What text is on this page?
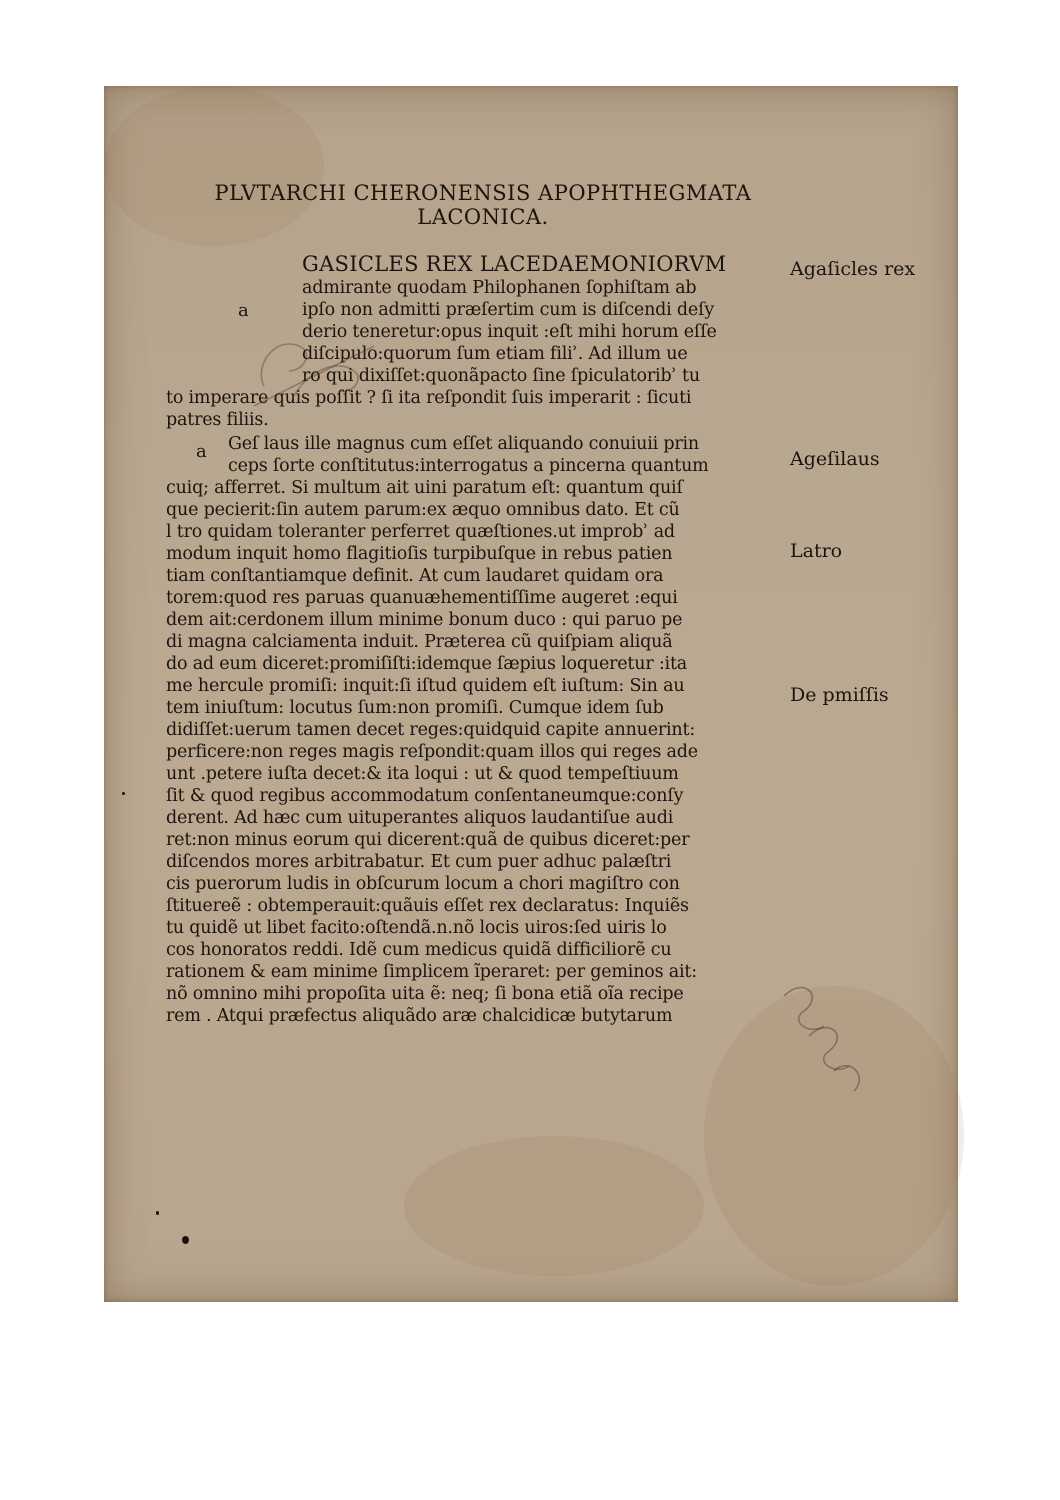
PLVTARCHI CHERONENSIS APOPHTHEGMATA
LACONICA.
a
a
GASICLES REX LACEDAEMONIORVM
admirante quodam Philophanen ſophiſtam ab
ipſo non admitti præſertim cum is diſcendi deſy
derio teneretur:opus inquit :eſt mihi horum eſſe
diſcipulo:quorum ſum etiam filiʾ. Ad illum ue
ro qui dixiſſet:quonãpacto ſine ſpiculatoribʾ tu
to imperare quis poſſit ? ſi ita reſpondit ſuis imperarit : ſicuti
patres filiis.
Geſ laus ille magnus cum eſſet aliquando conuiuii prin
ceps ſorte conſtitutus:interrogatus a pincerna quantum
cuiq; afferret. Si multum ait uini paratum eſt: quantum quiſ
que pecierit:ſin autem parum:ex æquo omnibus dato. Et cũ
l tro quidam toleranter perferret quæſtiones.ut improbʾ ad
modum inquit homo flagitioſis turpibuſque in rebus patien
tiam conſtantiamque definit. At cum laudaret quidam ora
torem:quod res paruas quanuæhementiſſime augeret :equi
dem ait:cerdonem illum minime bonum duco : qui paruo pe
di magna calciamenta induit. Præterea cũ quiſpiam aliquã
do ad eum diceret:promiſiſti:idemque ſæpius loqueretur :ita
me hercule promiſi: inquit:ſi iſtud quidem eſt iuſtum: Sin au
tem iniuſtum: locutus ſum:non promiſi. Cumque idem ſub
didiſſet:uerum tamen decet reges:quidquid capite annuerint:
perficere:non reges magis reſpondit:quam illos qui reges ade
unt .petere iuſta decet:& ita loqui : ut & quod tempeſtiuum
ſit & quod regibus accommodatum conſentaneumque:conſy
derent. Ad hæc cum uituperantes aliquos laudantiſue audi
ret:non minus eorum qui dicerent:quã de quibus diceret:per
diſcendos mores arbitrabatur. Et cum puer adhuc palæſtri
cis puerorum ludis in obſcurum locum a chori magiſtro con
ſtituereẽ : obtemperauit:quãuis eſſet rex declaratus: Inquiẽs
tu quidẽ ut libet facito:oſtendã.n.nõ locis uiros:ſed uiris lo
cos honoratos reddi. Idẽ cum medicus quidã difficiliorẽ cu
rationem & eam minime ſimplicem ĩperaret: per geminos ait:
nõ omnino mihi propoſita uita ẽ: neq; ſi bona etiã oĩa recipe
rem . Atqui præfectus aliquãdo aræ chalcidicæ butytarum
Agaſicles rex
Ageſilaus
Latro
De pmiſſis
